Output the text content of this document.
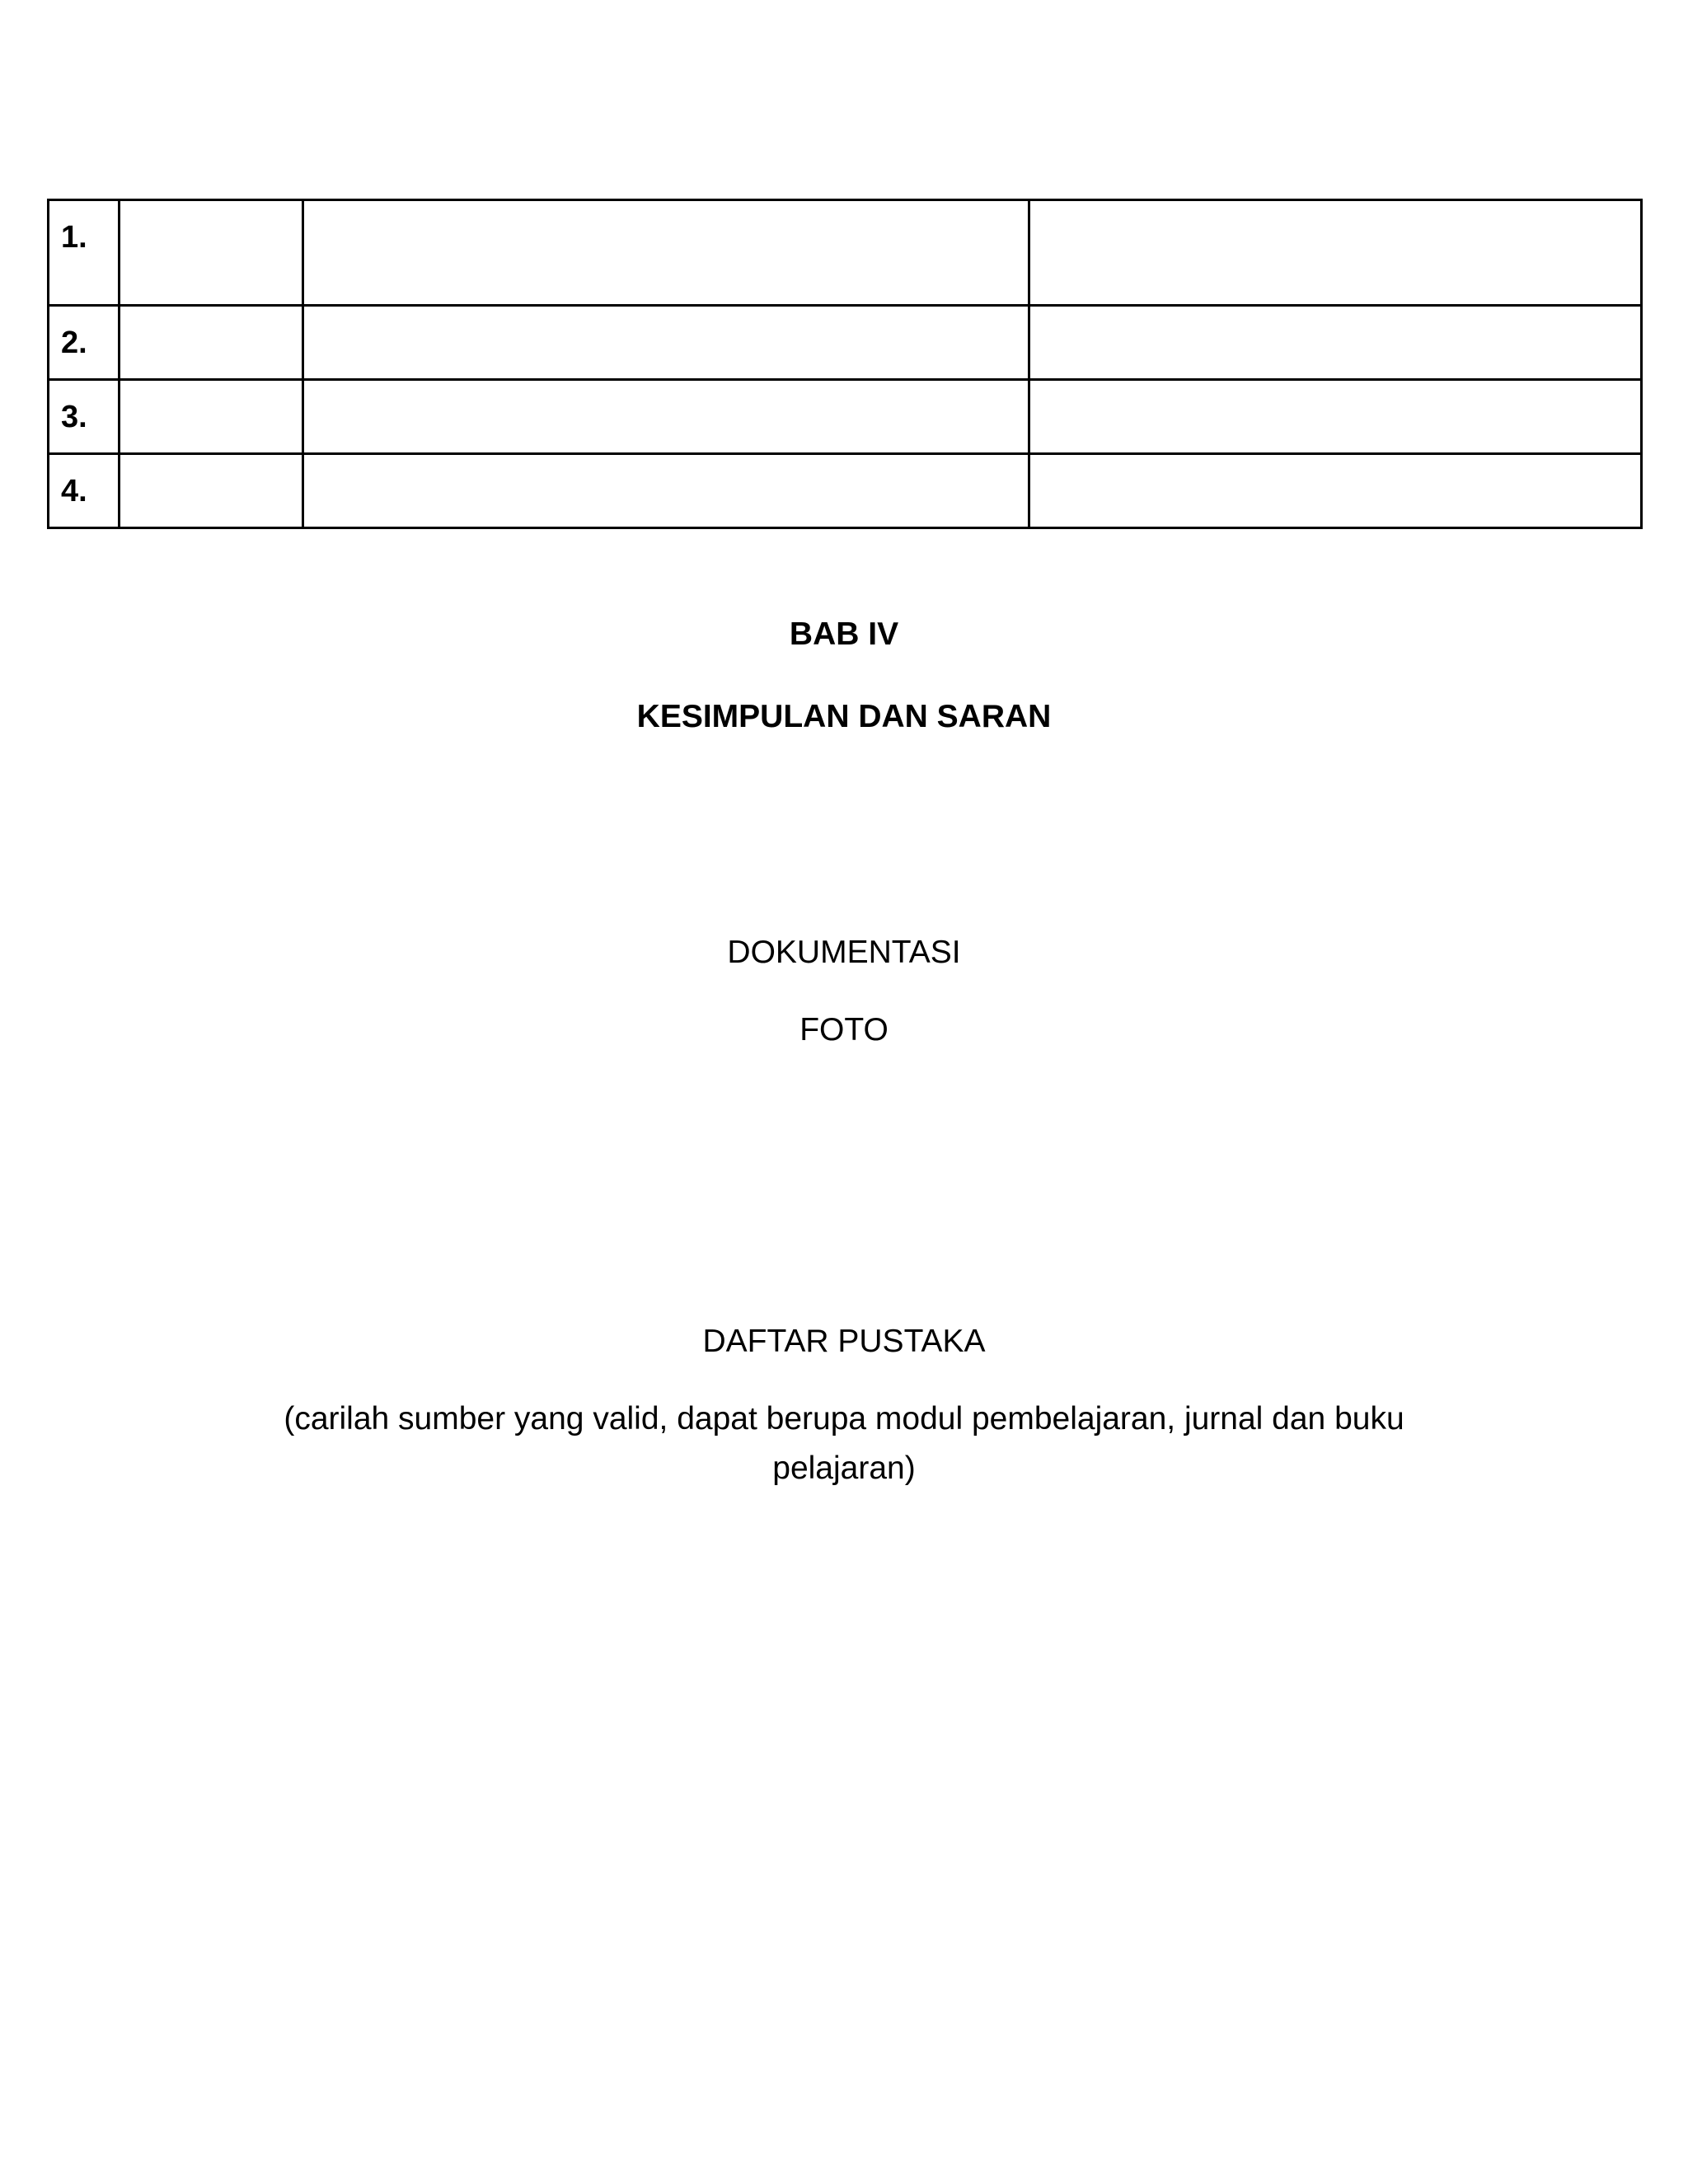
1.			

2.			

3.			

4.			

BAB IV

KESIMPULAN DAN SARAN

DOKUMENTASI

FOTO

DAFTAR PUSTAKA

(carilah sumber yang valid, dapat berupa modul pembelajaran, jurnal dan buku pelajaran)
